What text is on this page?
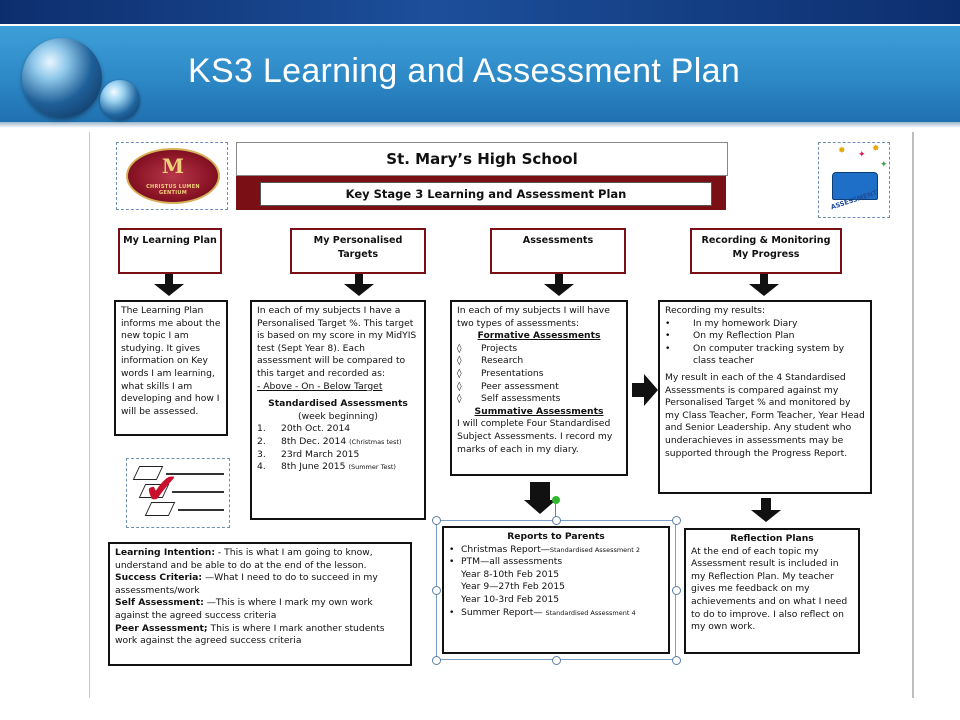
KS3 Learning and Assessment Plan
M
CHRISTUS LUMEN GENTIUM
St. Mary’s High School
Key Stage 3 Learning and Assessment Plan
✸ ✦
✸
✦
ASSESSMENT
My Learning Plan	My Personalised Targets
Assessments	Recording & Monitoring My Progress
The Learning Plan informs me about the new topic I am studying. It gives information on Key words I am learning, what skills I am developing and how I will be assessed.
In each of my subjects I have a Personalised Target %. This target is based on my score in my MidYIS test (Sept Year 8). Each assessment will be compared to this target and recorded as:
- Above - On - Below Target
Standardised Assessments
(week beginning)
1. 20th Oct. 2014
2. 8th Dec. 2014 (Christmas test)
3. 23rd March 2015
4. 8th June 2015 (Summer Test)
In each of my subjects I will have two types of assessments:
Formative Assessments
◊ Projects
◊ Research
◊ Presentations
◊ Peer assessment
◊ Self assessments
Summative Assessments
I will complete Four Standardised Subject Assessments. I record my marks of each in my diary.
Recording my results:
• In my homework Diary
• On my Reflection Plan
• On computer tracking system by class teacher
My result in each of the 4 Standardised Assessments is compared against my Personalised Target % and monitored by my Class Teacher, Form Teacher, Year Head and Senior Leadership. Any student who underachieves in assessments may be supported through the Progress Report.
✔
Learning Intention: - This is what I am going to know, understand and be able to do at the end of the lesson.
Success Criteria: —What I need to do to succeed in my assessments/work
Self Assessment: —This is where I mark my own work against the agreed success criteria
Peer Assessment; This is where I mark another students work against the agreed success criteria
Reports to Parents
• Christmas Report—Standardised Assessment 2
• PTM—all assessments
Year 8-10th Feb 2015
Year 9—27th Feb 2015
Year 10-3rd Feb 2015
• Summer Report— Standardised Assessment 4
Reflection Plans
At the end of each topic my Assessment result is included in my Reflection Plan. My teacher gives me feedback on my achievements and on what I need to do to improve. I also reflect on my own work.
